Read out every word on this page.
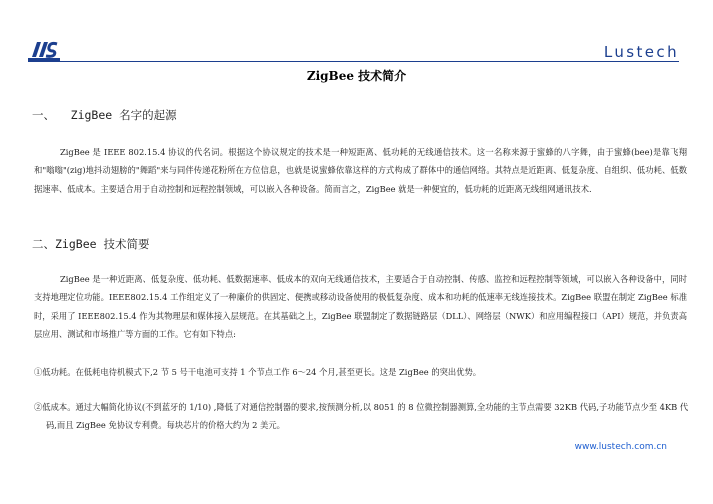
Lustech
ZigBee 技术简介
一、 ZigBee 名字的起源

ZigBee 是 IEEE 802.15.4 协议的代名词。根据这个协议规定的技术是一种短距离、低功耗的无线通信技术。这一名称来源于蜜蜂的八字舞，由于蜜蜂(bee)是靠飞翔和"嗡嗡"(zig)地抖动翅膀的"舞蹈"来与同伴传递花粉所在方位信息，也就是说蜜蜂依靠这样的方式构成了群体中的通信网络。其特点是近距离、低复杂度、自组织、低功耗、低数据速率、低成本。主要适合用于自动控制和远程控制领域，可以嵌入各种设备。简而言之，ZigBee 就是一种便宜的，低功耗的近距离无线组网通讯技术.

二、ZigBee 技术简要

ZigBee 是一种近距离、低复杂度、低功耗、低数据速率、低成本的双向无线通信技术，主要适合于自动控制、传感、监控和远程控制等领域，可以嵌入各种设备中，同时支持地理定位功能。IEEE802.15.4 工作组定义了一种廉价的供固定、便携或移动设备使用的极低复杂度、成本和功耗的低速率无线连接技术。ZigBee 联盟在制定 ZigBee 标准时，采用了 IEEE802.15.4 作为其物理层和媒体接入层规范。在其基础之上，ZigBee 联盟制定了数据链路层（DLL）、网络层（NWK）和应用编程接口（API）规范，并负责高层应用、测试和市场推广等方面的工作。它有如下特点:

①低功耗。在低耗电待机模式下,2 节 5 号干电池可支持 1 个节点工作 6～24 个月,甚至更长。这是 ZigBee 的突出优势。

②低成本。通过大幅简化协议(不到蓝牙的 1/10) ,降低了对通信控制器的要求,按预测分析,以 8051 的 8 位微控制器测算,全功能的主节点需要 32KB 代码,子功能节点少至 4KB 代码,而且 ZigBee 免协议专利费。每块芯片的价格大约为 2 美元。

www.lustech.com.cn
